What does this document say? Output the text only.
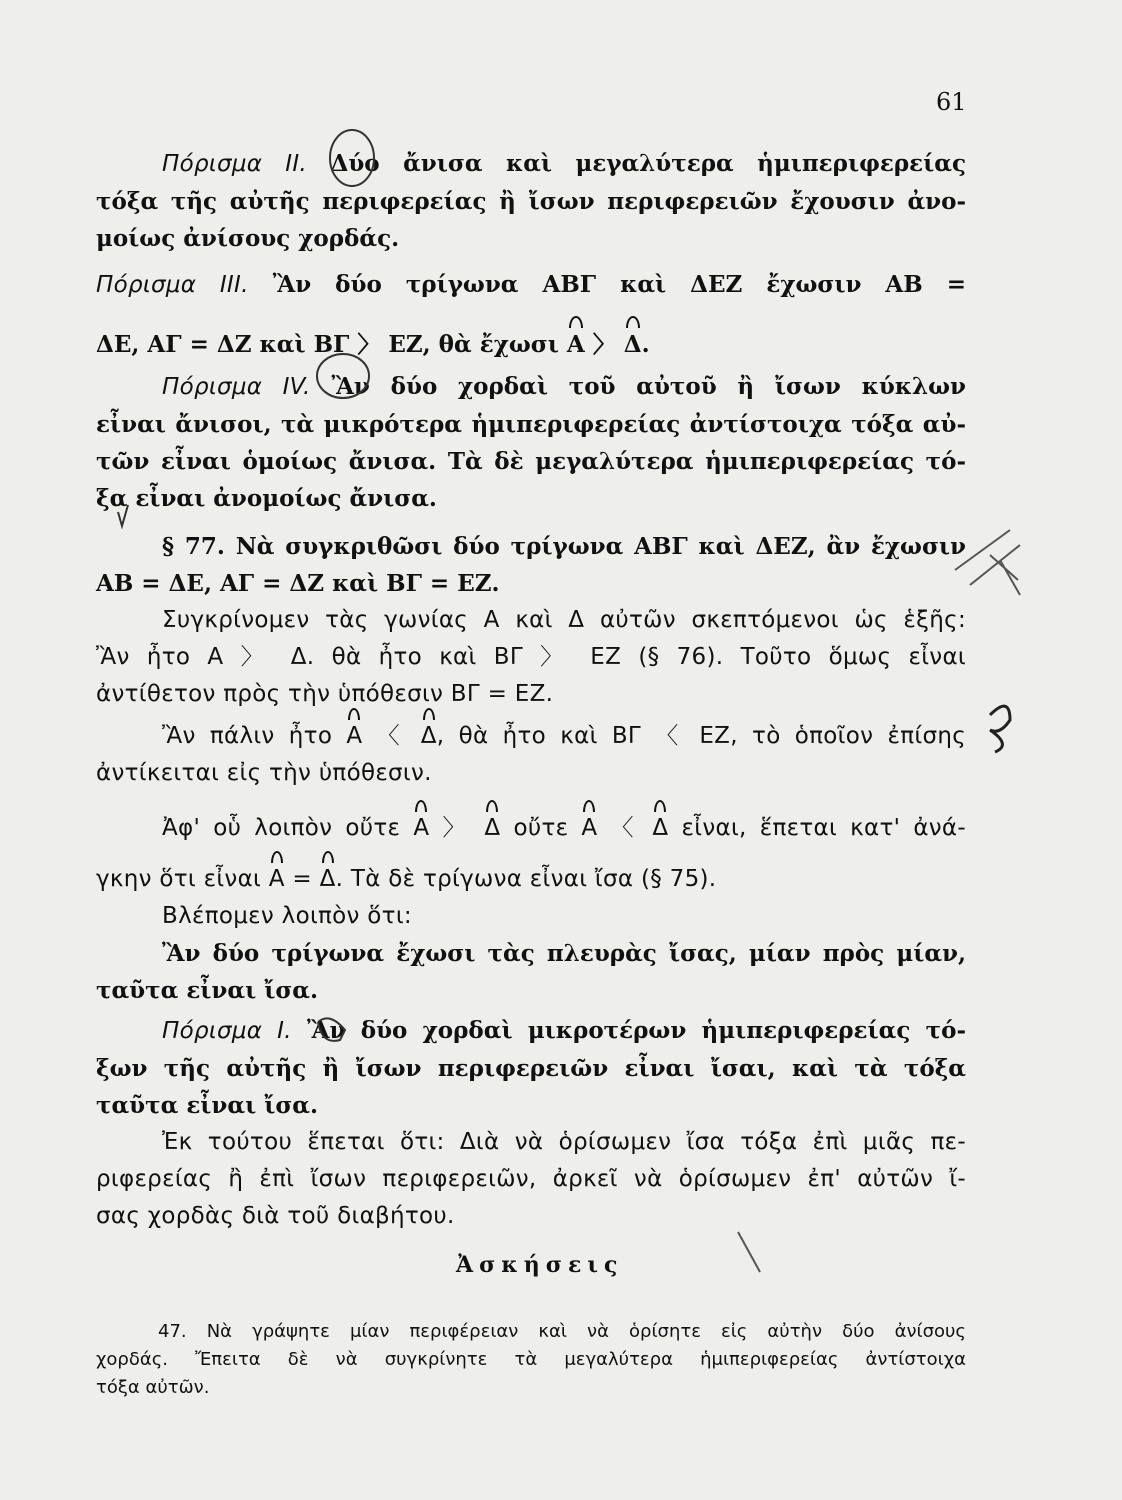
61
Πόρισμα ΙΙ. Δύο ἄνισα καὶ μεγαλύτερα ἡμιπεριφερείας
τόξα τῆς αὐτῆς περιφερείας ἢ ἴσων περιφερειῶν ἔχουσιν ἀνο-
μοίως ἀνίσους χορδάς.
Πόρισμα ΙΙΙ. Ἂν δύο τρίγωνα ΑΒΓ καὶ ΔΕΖ ἔχωσιν ΑΒ =
ΔΕ, ΑΓ = ΔΖ καὶ ΒΓ 〉 ΕΖ, θὰ ἔχωσι Α 〉 Δ.
Πόρισμα ΙV. Ἂν δύο χορδαὶ τοῦ αὐτοῦ ἢ ἴσων κύκλων
εἶναι ἄνισοι, τὰ μικρότερα ἡμιπεριφερείας ἀντίστοιχα τόξα αὐ-
τῶν εἶναι ὁμοίως ἄνισα. Τὰ δὲ μεγαλύτερα ἡμιπεριφερείας τό-
ξα εἶναι ἀνομοίως ἄνισα.
§ 77. Νὰ συγκριθῶσι δύο τρίγωνα ΑΒΓ καὶ ΔΕΖ, ἂν ἔχωσιν
ΑΒ = ΔΕ, ΑΓ = ΔΖ καὶ ΒΓ = ΕΖ.
Συγκρίνομεν τὰς γωνίας Α καὶ Δ αὐτῶν σκεπτόμενοι ὡς ἑξῆς:
Ἂν ἦτο Α 〉 Δ. θὰ ἦτο καὶ ΒΓ 〉 ΕΖ (§ 76). Τοῦτο ὅμως εἶναι
ἀντίθετον πρὸς τὴν ὑπόθεσιν ΒΓ = ΕΖ.
Ἂν πάλιν ἦτο Α 〈 Δ, θὰ ἦτο καὶ ΒΓ 〈 ΕΖ, τὸ ὁποῖον ἐπίσης
ἀντίκειται εἰς τὴν ὑπόθεσιν.
Ἀφ' οὗ λοιπὸν οὔτε Α 〉 Δ οὔτε Α 〈 Δ εἶναι, ἕπεται κατ' ἀνά-
γκην ὅτι εἶναι Α = Δ. Τὰ δὲ τρίγωνα εἶναι ἴσα (§ 75).
Βλέπομεν λοιπὸν ὅτι:
Ἂν δύο τρίγωνα ἔχωσι τὰς πλευρὰς ἴσας, μίαν πρὸς μίαν,
ταῦτα εἶναι ἴσα.
Πόρισμα Ι. Ἂν δύο χορδαὶ μικροτέρων ἡμιπεριφερείας τό-
ξων τῆς αὐτῆς ἢ ἴσων περιφερειῶν εἶναι ἴσαι, καὶ τὰ τόξα
ταῦτα εἶναι ἴσα.
Ἐκ τούτου ἕπεται ὅτι: Διὰ νὰ ὁρίσωμεν ἴσα τόξα ἐπὶ μιᾶς πε-
ριφερείας ἢ ἐπὶ ἴσων περιφερειῶν, ἀρκεῖ νὰ ὁρίσωμεν ἐπ' αὐτῶν ἴ-
σας χορδὰς διὰ τοῦ διαβήτου.
Ἀσκήσεις
47. Νὰ γράψητε μίαν περιφέρειαν καὶ νὰ ὁρίσητε εἰς αὐτὴν δύο ἀνίσους
χορδάς. Ἔπειτα δὲ νὰ συγκρίνητε τὰ μεγαλύτερα ἡμιπεριφερείας ἀντίστοιχα
τόξα αὐτῶν.
